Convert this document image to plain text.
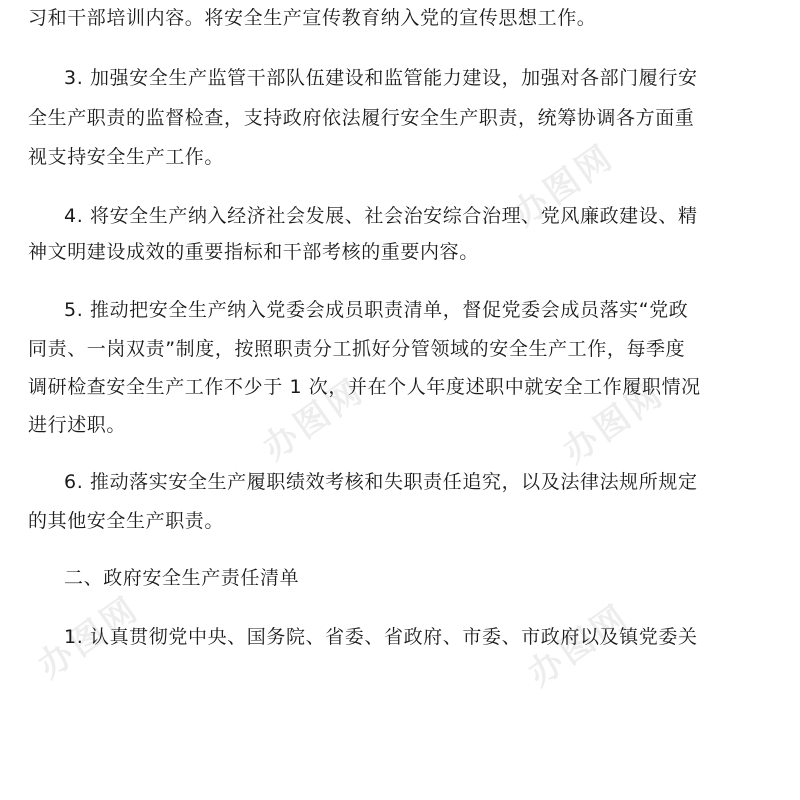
办图网
办图网	办图网
办图网	办图网
习和干部培训内容。将安全生产宣传教育纳入党的宣传思想工作。
3. 加强安全生产监管干部队伍建设和监管能力建设，加强对各部门履行安
全生产职责的监督检查，支持政府依法履行安全生产职责，统筹协调各方面重
视支持安全生产工作。
4. 将安全生产纳入经济社会发展、社会治安综合治理、党风廉政建设、精
神文明建设成效的重要指标和干部考核的重要内容。
5. 推动把安全生产纳入党委会成员职责清单，督促党委会成员落实“党政
同责、一岗双责”制度，按照职责分工抓好分管领域的安全生产工作，每季度
调研检查安全生产工作不少于 1 次，并在个人年度述职中就安全工作履职情况
进行述职。
6. 推动落实安全生产履职绩效考核和失职责任追究，以及法律法规所规定
的其他安全生产职责。
二、政府安全生产责任清单
1. 认真贯彻党中央、国务院、省委、省政府、市委、市政府以及镇党委关
